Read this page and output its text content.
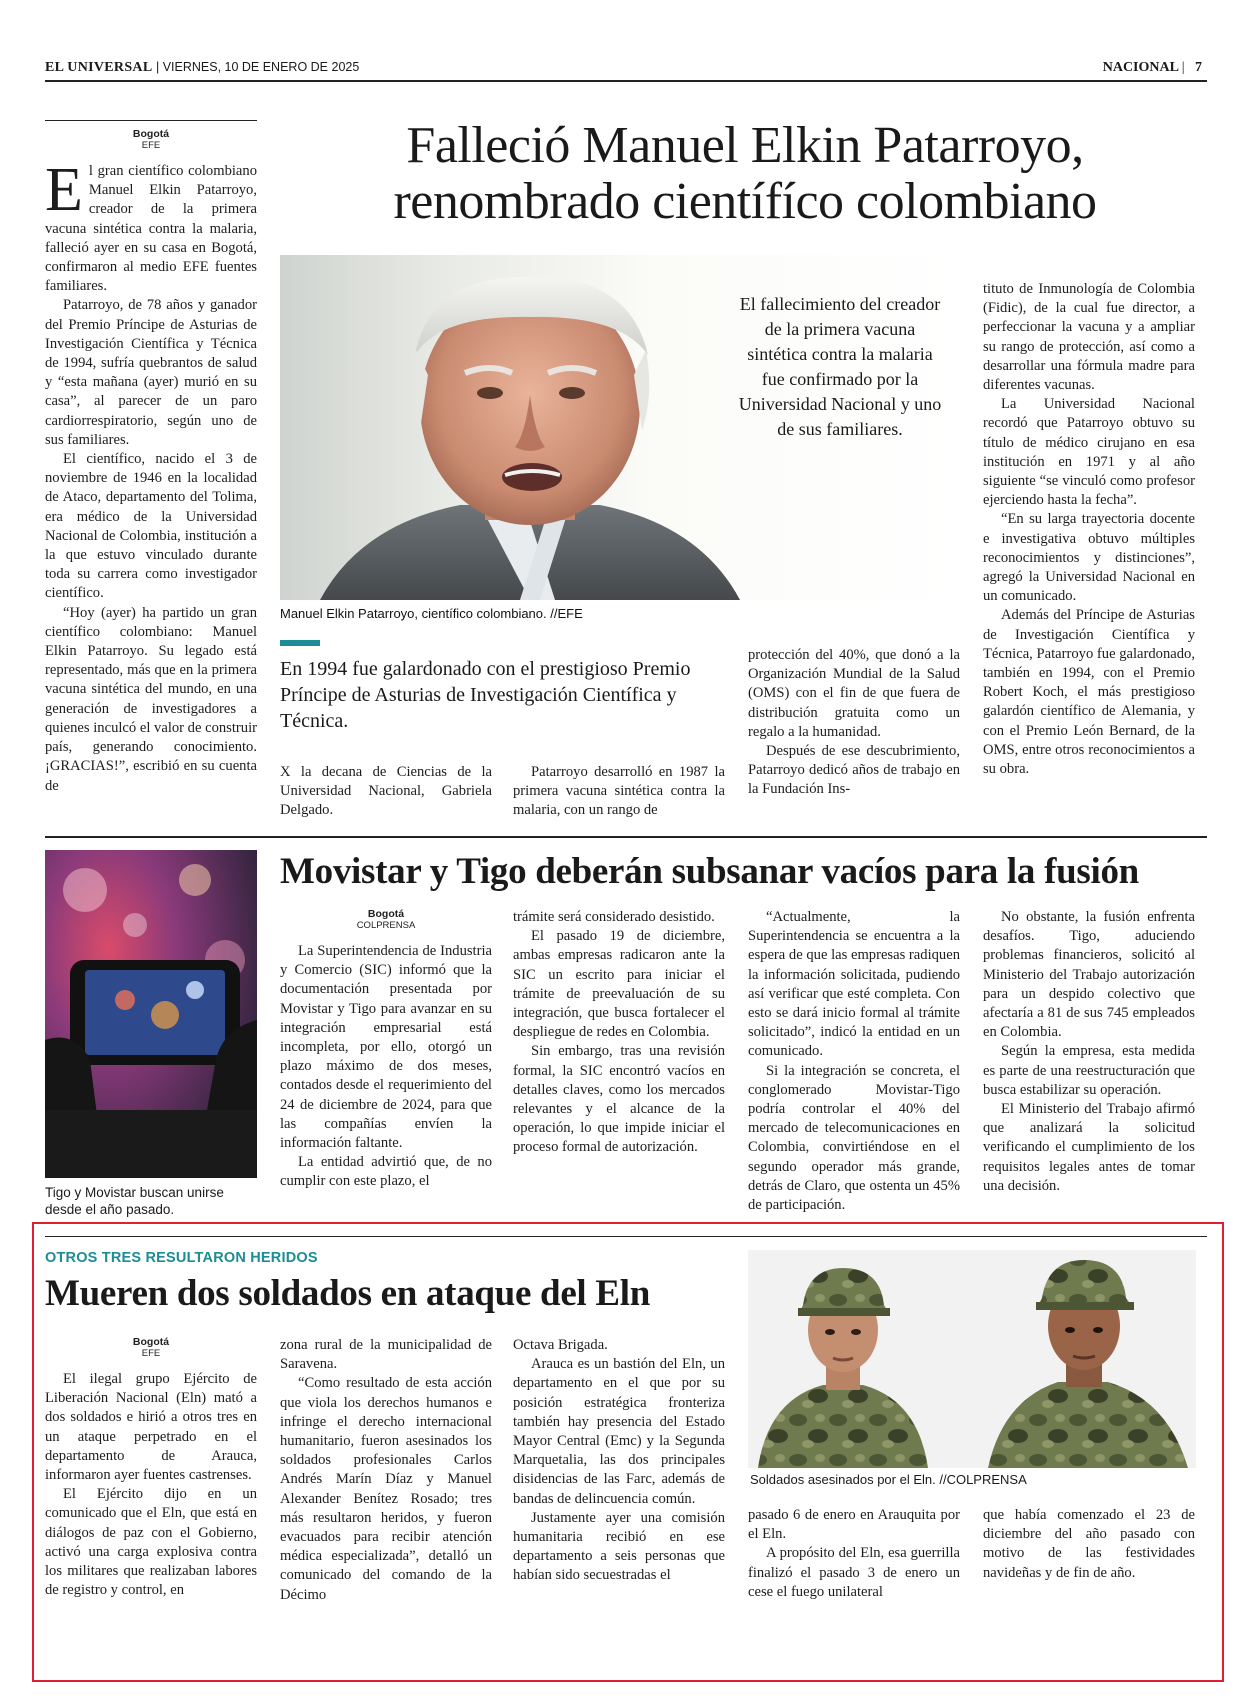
EL UNIVERSAL | VIERNES, 10 DE ENERO DE 2025	NACIONAL |   7
Bogotá
EFE

El gran científico colombiano Manuel Elkin Patarroyo, creador de la primera vacuna sintética contra la malaria, falleció ayer en su casa en Bogotá, confirmaron al medio EFE fuentes familiares.

Patarroyo, de 78 años y ganador del Premio Príncipe de Asturias de Investigación Científica y Técnica de 1994, sufría quebrantos de salud y “esta mañana (ayer) murió en su casa”, al parecer de un paro cardiorrespiratorio, según uno de sus familiares.

El científico, nacido el 3 de noviembre de 1946 en la localidad de Ataco, departamento del Tolima, era médico de la Universidad Nacional de Colombia, institución a la que estuvo vinculado durante toda su carrera como investigador científico.

“Hoy (ayer) ha partido un gran científico colombiano: Manuel Elkin Patarroyo. Su legado está representado, más que en la primera vacuna sintética del mundo, en una generación de investigadores a quienes inculcó el valor de construir país, generando conocimiento. ¡GRACIAS!”, escribió en su cuenta de

Falleció Manuel Elkin Patarroyo, renombrado científíco colombiano
Manuel Elkin Patarroyo, científico colombiano. //EFE
El fallecimiento del creador de la primera vacuna sintética contra la malaria fue confirmado por la Universidad Nacional y uno de sus familiares.
En 1994 fue galardonado con el prestigioso Premio Príncipe de Asturias de Investigación Científica y Técnica.

X la decana de Ciencias de la Universidad Nacional, Gabriela Delgado.

Patarroyo desarrolló en 1987 la primera vacuna sintética contra la malaria, con un rango de

protección del 40%, que donó a la Organización Mundial de la Salud (OMS) con el fin de que fuera de distribución gratuita como un regalo a la humanidad.

Después de ese descubrimiento, Patarroyo dedicó años de trabajo en la Fundación Ins-

tituto de Inmunología de Colombia (Fidic), de la cual fue director, a perfeccionar la vacuna y a ampliar su rango de protección, así como a desarrollar una fórmula madre para diferentes vacunas.

La Universidad Nacional recordó que Patarroyo obtuvo su título de médico cirujano en esa institución en 1971 y al año siguiente “se vinculó como profesor ejerciendo hasta la fecha”.

“En su larga trayectoria docente e investigativa obtuvo múltiples reconocimientos y distinciones”, agregó la Universidad Nacional en un comunicado.

Además del Príncipe de Asturias de Investigación Científica y Técnica, Patarroyo fue galardonado, también en 1994, con el Premio Robert Koch, el más prestigioso galardón científico de Alemania, y con el Premio León Bernard, de la OMS, entre otros reconocimientos a su obra.

Tigo y Movistar buscan unirse desde el año pasado.
Movistar y Tigo deberán subsanar vacíos para la fusión
Bogotá
COLPRENSA

La Superintendencia de Industria y Comercio (SIC) informó que la documentación presentada por Movistar y Tigo para avanzar en su integración empresarial está incompleta, por ello, otorgó un plazo máximo de dos meses, contados desde el requerimiento del 24 de diciembre de 2024, para que las compañías envíen la información faltante.

La entidad advirtió que, de no cumplir con este plazo, el

trámite será considerado desistido.

El pasado 19 de diciembre, ambas empresas radicaron ante la SIC un escrito para iniciar el trámite de preevaluación de su integración, que busca fortalecer el despliegue de redes en Colombia.

Sin embargo, tras una revisión formal, la SIC encontró vacíos en detalles claves, como los mercados relevantes y el alcance de la operación, lo que impide iniciar el proceso formal de autorización.

“Actualmente, la Superintendencia se encuentra a la espera de que las empresas radiquen la información solicitada, pudiendo así verificar que esté completa. Con esto se dará inicio formal al trámite solicitado”, indicó la entidad en un comunicado.

Si la integración se concreta, el conglomerado Movistar-Tigo podría controlar el 40% del mercado de telecomunicaciones en Colombia, convirtiéndose en el segundo operador más grande, detrás de Claro, que ostenta un 45% de participación.

No obstante, la fusión enfrenta desafíos. Tigo, aduciendo problemas financieros, solicitó al Ministerio del Trabajo autorización para un despido colectivo que afectaría a 81 de sus 745 empleados en Colombia.

Según la empresa, esta medida es parte de una reestructuración que busca estabilizar su operación.

El Ministerio del Trabajo afirmó que analizará la solicitud verificando el cumplimiento de los requisitos legales antes de tomar una decisión.

OTROS TRES RESULTARON HERIDOS
Mueren dos soldados en ataque del Eln
Bogotá
EFE

El ilegal grupo Ejército de Liberación Nacional (Eln) mató a dos soldados e hirió a otros tres en un ataque perpetrado en el departamento de Arauca, informaron ayer fuentes castrenses.

El Ejército dijo en un comunicado que el Eln, que está en diálogos de paz con el Gobierno, activó una carga explosiva contra los militares que realizaban labores de registro y control, en

zona rural de la municipalidad de Saravena.

“Como resultado de esta acción que viola los derechos humanos e infringe el derecho internacional humanitario, fueron asesinados los soldados profesionales Carlos Andrés Marín Díaz y Manuel Alexander Benítez Rosado; tres más resultaron heridos, y fueron evacuados para recibir atención médica especializada”, detalló un comunicado del comando de la Décimo

Octava Brigada.

Arauca es un bastión del Eln, un departamento en el que por su posición estratégica fronteriza también hay presencia del Estado Mayor Central (Emc) y la Segunda Marquetalia, las dos principales disidencias de las Farc, además de bandas de delincuencia común.

Justamente ayer una comisión humanitaria recibió en ese departamento a seis personas que habían sido secuestradas el

Soldados asesinados por el Eln. //COLPRENSA

pasado 6 de enero en Arauquita por el Eln.

A propósito del Eln, esa guerrilla finalizó el pasado 3 de enero un cese el fuego unilateral

que había comenzado el 23 de diciembre del año pasado con motivo de las festividades navideñas y de fin de año.
